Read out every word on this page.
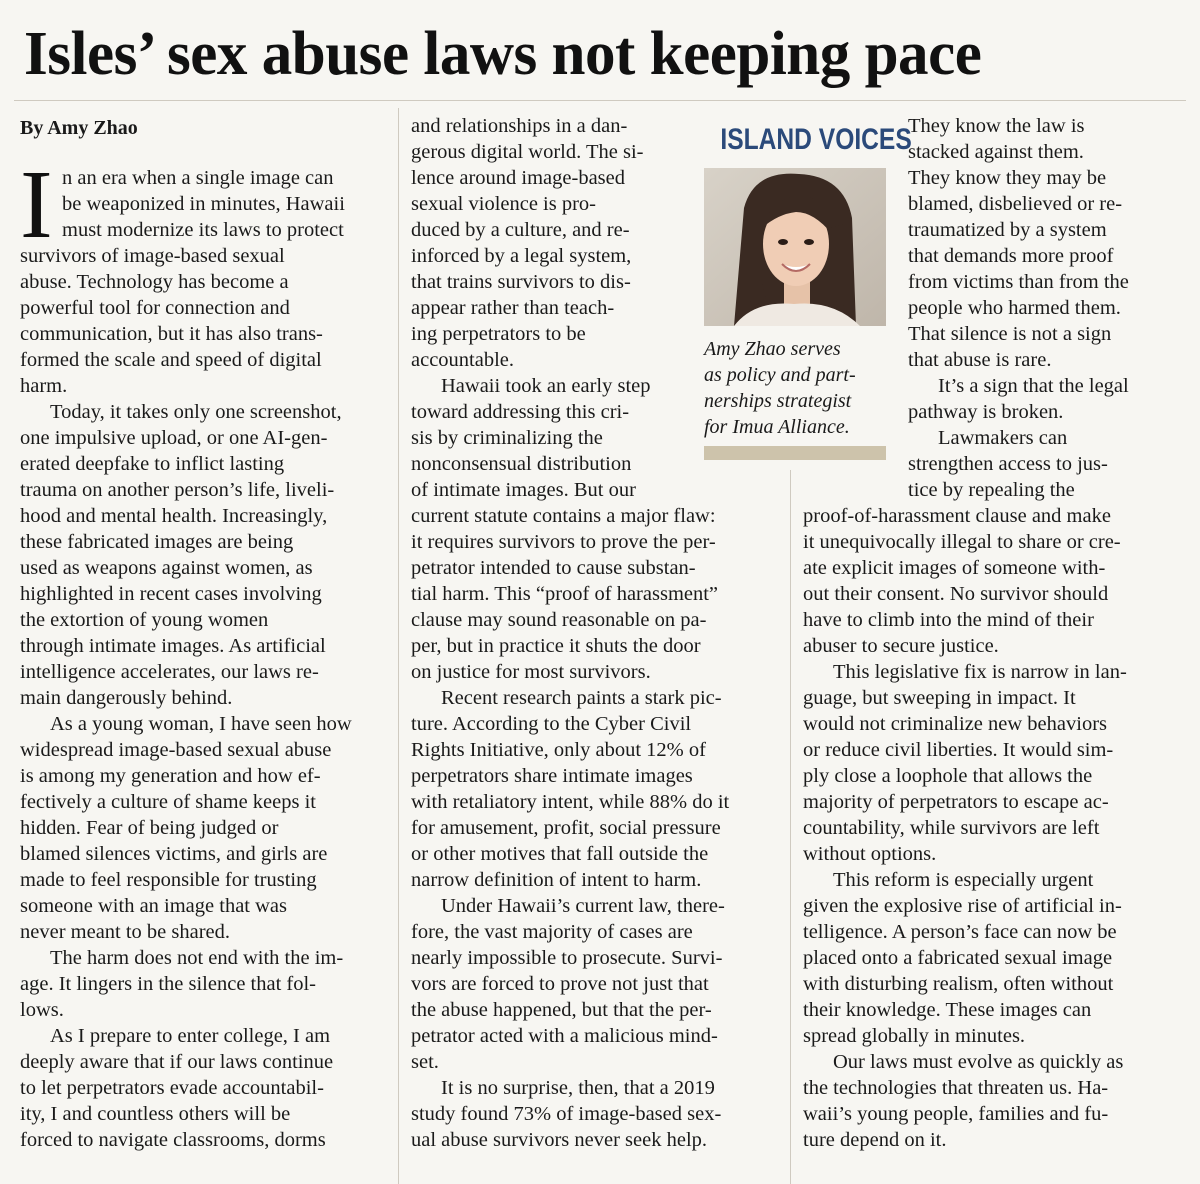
Isles’ sex abuse laws not keeping pace
By Amy Zhao
I n an era when a single image can
be weaponized in minutes, Hawaii
must modernize its laws to protect
survivors of image-based sexual
abuse. Technology has become a
powerful tool for connection and
communication, but it has also trans-
formed the scale and speed of digital
harm.
Today, it takes only one screenshot,
one impulsive upload, or one AI-gen-
erated deepfake to inflict lasting
trauma on another person’s life, liveli-
hood and mental health. Increasingly,
these fabricated images are being
used as weapons against women, as
highlighted in recent cases involving
the extortion of young women
through intimate images. As artificial
intelligence accelerates, our laws re-
main dangerously behind.
As a young woman, I have seen how
widespread image-based sexual abuse
is among my generation and how ef-
fectively a culture of shame keeps it
hidden. Fear of being judged or
blamed silences victims, and girls are
made to feel responsible for trusting
someone with an image that was
never meant to be shared.
The harm does not end with the im-
age. It lingers in the silence that fol-
lows.
As I prepare to enter college, I am
deeply aware that if our laws continue
to let perpetrators evade accountabil-
ity, I and countless others will be
forced to navigate classrooms, dorms
and relationships in a dan-
gerous digital world. The si-
lence around image-based
sexual violence is pro-
duced by a culture, and re-
inforced by a legal system,
that trains survivors to dis-
appear rather than teach-
ing perpetrators to be
accountable.
Hawaii took an early step
toward addressing this cri-
sis by criminalizing the
nonconsensual distribution
of intimate images. But our
current statute contains a major flaw:
it requires survivors to prove the per-
petrator intended to cause substan-
tial harm. This “proof of harassment”
clause may sound reasonable on pa-
per, but in practice it shuts the door
on justice for most survivors.
Recent research paints a stark pic-
ture. According to the Cyber Civil
Rights Initiative, only about 12% of
perpetrators share intimate images
with retaliatory intent, while 88% do it
for amusement, profit, social pressure
or other motives that fall outside the
narrow definition of intent to harm.
Under Hawaii’s current law, there-
fore, the vast majority of cases are
nearly impossible to prosecute. Survi-
vors are forced to prove not just that
the abuse happened, but that the per-
petrator acted with a malicious mind-
set.
It is no surprise, then, that a 2019
study found 73% of image-based sex-
ual abuse survivors never seek help.
They know the law is
stacked against them.
They know they may be
blamed, disbelieved or re-
traumatized by a system
that demands more proof
from victims than from the
people who harmed them.
That silence is not a sign
that abuse is rare.
It’s a sign that the legal
pathway is broken.
Lawmakers can
strengthen access to jus-
tice by repealing the
proof-of-harassment clause and make
it unequivocally illegal to share or cre-
ate explicit images of someone with-
out their consent. No survivor should
have to climb into the mind of their
abuser to secure justice.
This legislative fix is narrow in lan-
guage, but sweeping in impact. It
would not criminalize new behaviors
or reduce civil liberties. It would sim-
ply close a loophole that allows the
majority of perpetrators to escape ac-
countability, while survivors are left
without options.
This reform is especially urgent
given the explosive rise of artificial in-
telligence. A person’s face can now be
placed onto a fabricated sexual image
with disturbing realism, often without
their knowledge. These images can
spread globally in minutes.
Our laws must evolve as quickly as
the technologies that threaten us. Ha-
waii’s young people, families and fu-
ture depend on it.
ISLAND VOICES
Amy Zhao serves
as policy and part-
nerships strategist
for Imua Alliance.
